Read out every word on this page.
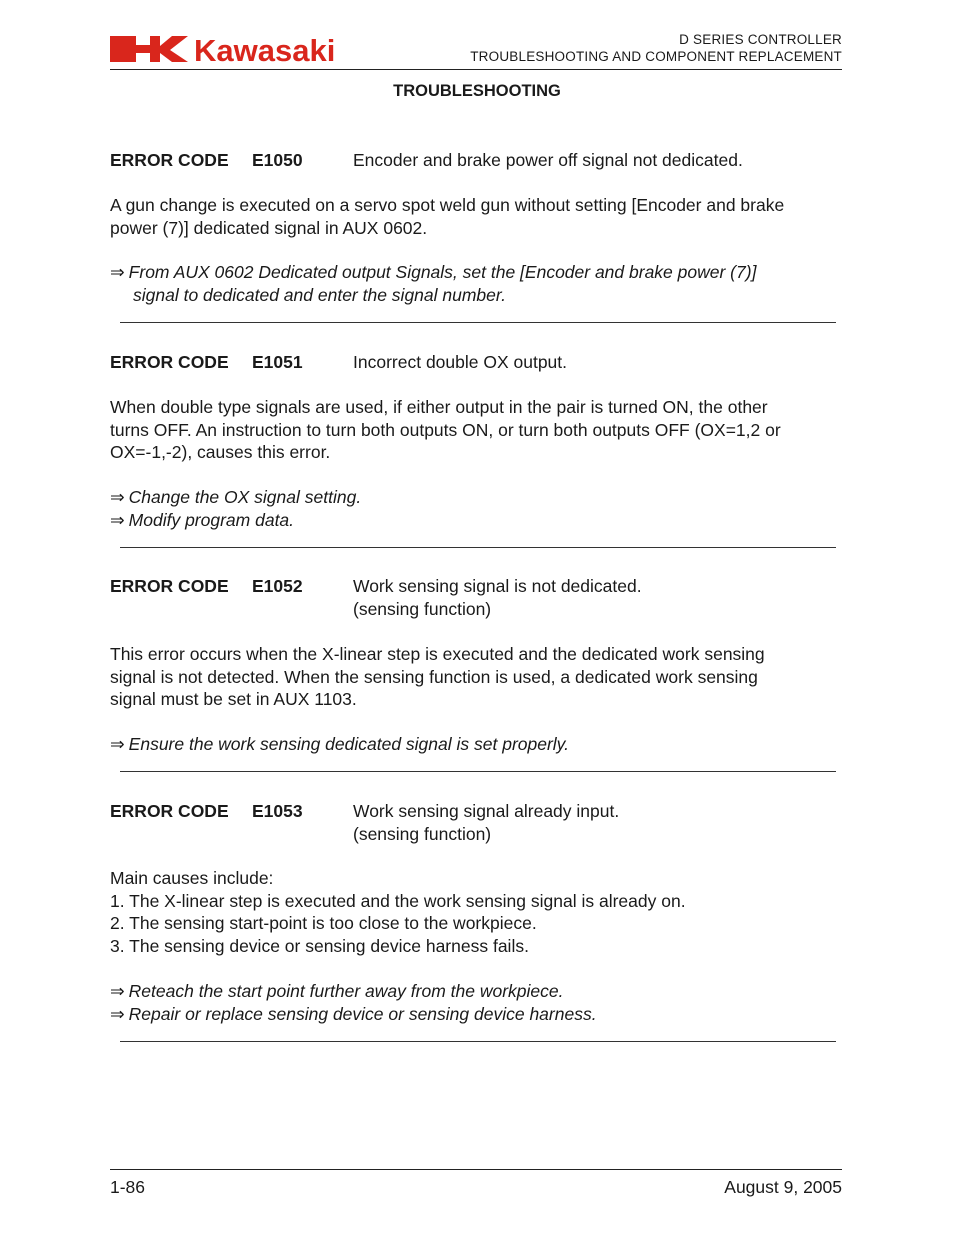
Kawasaki	D SERIES CONTROLLER
TROUBLESHOOTING AND COMPONENT REPLACEMENT
TROUBLESHOOTING
ERROR CODE E1050	Encoder and brake power off signal not dedicated.
A gun change is executed on a servo spot weld gun without setting [Encoder and brake
power (7)] dedicated signal in AUX 0602.
⇒ From AUX 0602 Dedicated output Signals, set the [Encoder and brake power (7)]
signal to dedicated and enter the signal number.
ERROR CODE E1051	Incorrect double OX output.
When double type signals are used, if either output in the pair is turned ON, the other
turns OFF. An instruction to turn both outputs ON, or turn both outputs OFF (OX=1,2 or
OX=-1,-2), causes this error.
⇒ Change the OX signal setting.
⇒ Modify program data.
ERROR CODE E1052	Work sensing signal is not dedicated.
(sensing function)
This error occurs when the X-linear step is executed and the dedicated work sensing
signal is not detected. When the sensing function is used, a dedicated work sensing
signal must be set in AUX 1103.
⇒ Ensure the work sensing dedicated signal is set properly.
ERROR CODE E1053	Work sensing signal already input.
(sensing function)
Main causes include:
1. The X-linear step is executed and the work sensing signal is already on.
2. The sensing start-point is too close to the workpiece.
3. The sensing device or sensing device harness fails.
⇒ Reteach the start point further away from the workpiece.
⇒ Repair or replace sensing device or sensing device harness.
1-86	August 9, 2005
